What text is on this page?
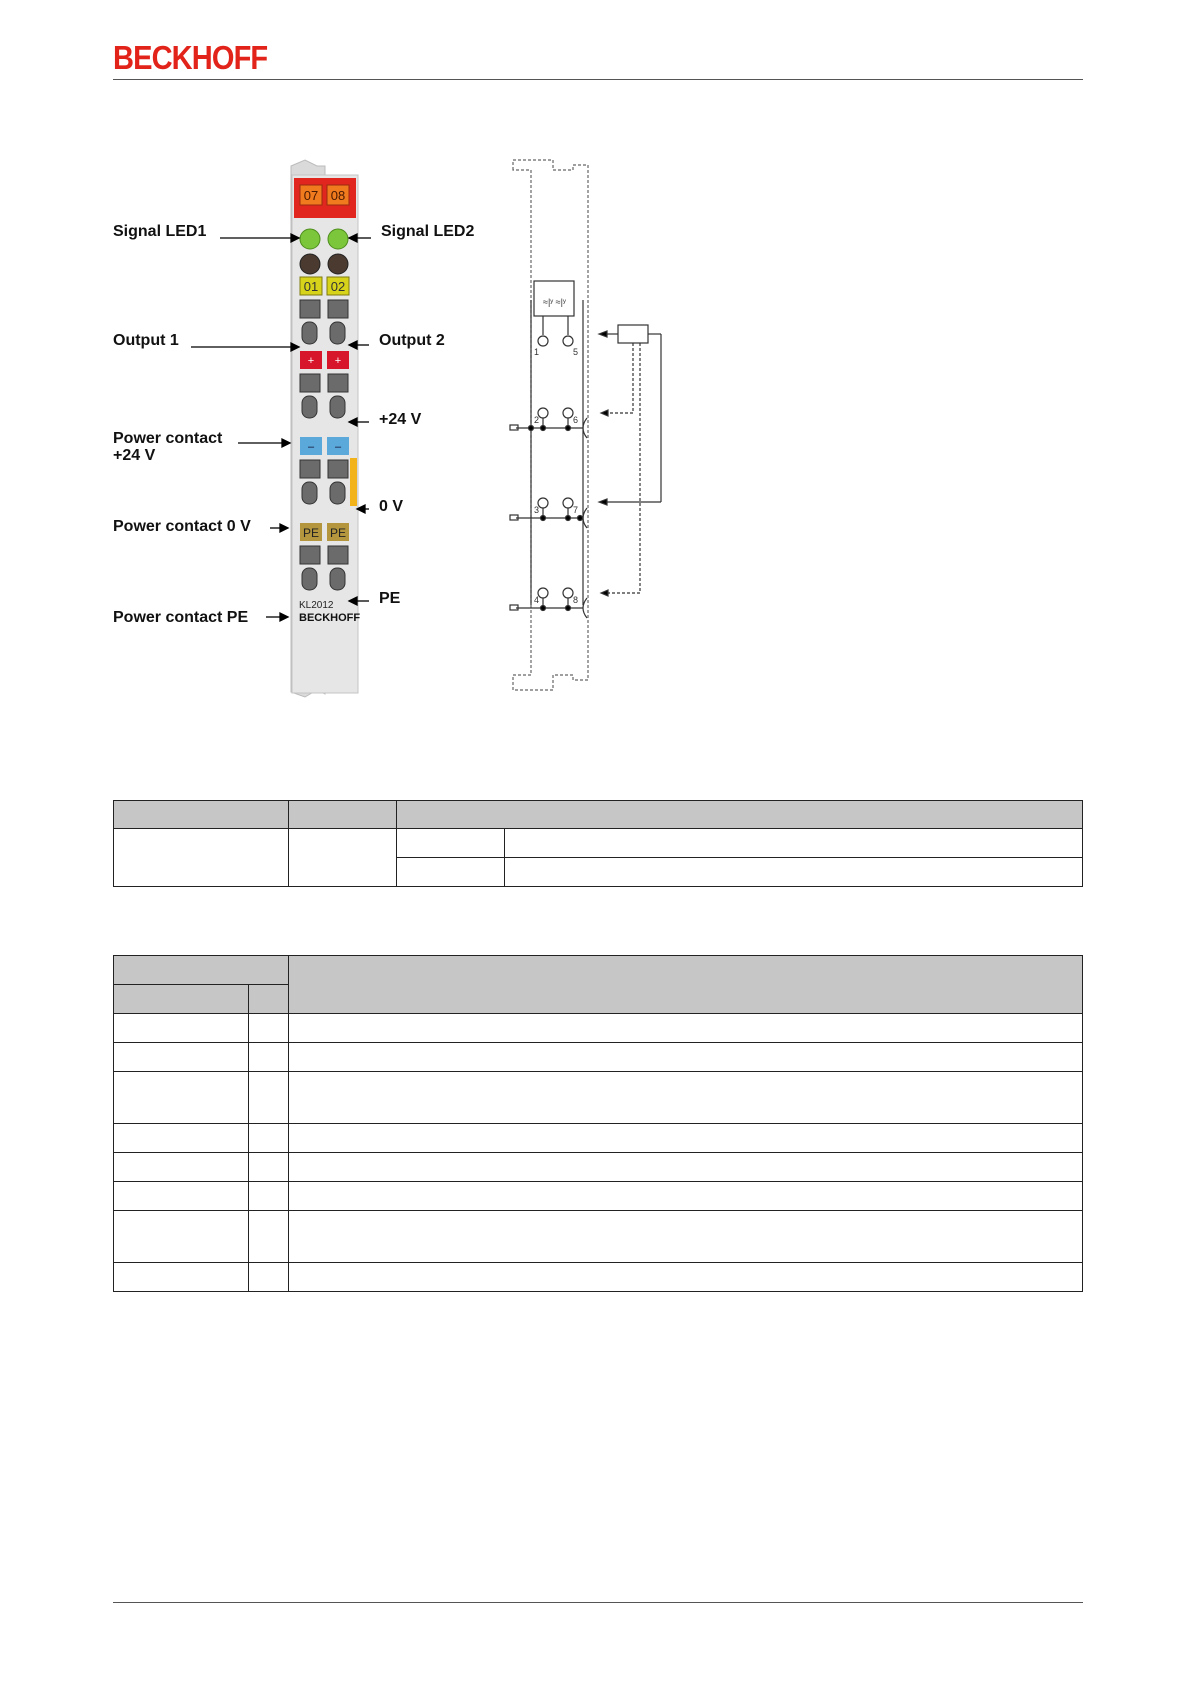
BECKHOFF
07 08
01 02
+ +
– –
PE PE
KL2012
BECKHOFF
≈|ʸ ≈|ʸ
1	5
2	6
3	7
4	8
Signal LED1	Signal LED2
Output 1	Output 2
+24 V
Power contact
+24 V
0 V
Power contact 0 V
PE
Power contact PE
